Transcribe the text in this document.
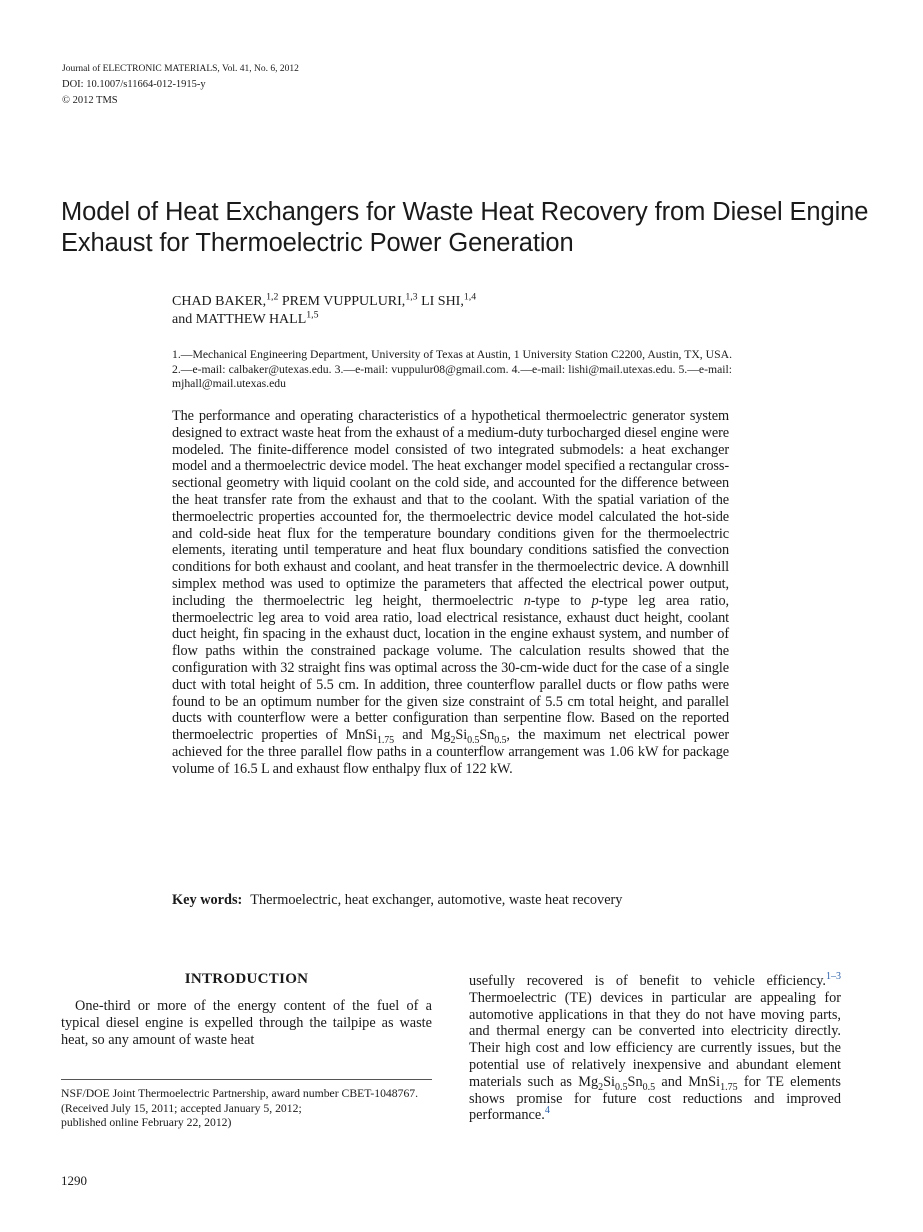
Journal of ELECTRONIC MATERIALS, Vol. 41, No. 6, 2012
DOI: 10.1007/s11664-012-1915-y
© 2012 TMS
Model of Heat Exchangers for Waste Heat Recovery from Diesel Engine Exhaust for Thermoelectric Power Generation
CHAD BAKER,$^{1,2}$ PREM VUPPULURI,$^{1,3}$ LI SHI,$^{1,4}$
and MATTHEW HALL$^{1,5}$
1.—Mechanical Engineering Department, University of Texas at Austin, 1 University Station C2200, Austin, TX, USA. 2.—e-mail: calbaker@utexas.edu. 3.—e-mail: vuppulur08@gmail.com. 4.—e-mail: lishi@mail.utexas.edu. 5.—e-mail: mjhall@mail.utexas.edu
The performance and operating characteristics of a hypothetical thermoelectric generator system designed to extract waste heat from the exhaust of a medium-duty turbocharged diesel engine were modeled. The finite-difference model consisted of two integrated submodels: a heat exchanger model and a thermoelectric device model. The heat exchanger model specified a rectangular cross-sectional geometry with liquid coolant on the cold side, and accounted for the difference between the heat transfer rate from the exhaust and that to the coolant. With the spatial variation of the thermoelectric properties accounted for, the thermoelectric device model calculated the hot-side and cold-side heat flux for the temperature boundary conditions given for the thermoelectric elements, iterating until temperature and heat flux boundary conditions satisfied the convection conditions for both exhaust and coolant, and heat transfer in the thermoelectric device. A downhill simplex method was used to optimize the parameters that affected the electrical power output, including the thermoelectric leg height, thermoelectric n-type to p-type leg area ratio, thermoelectric leg area to void area ratio, load electrical resistance, exhaust duct height, coolant duct height, fin spacing in the exhaust duct, location in the engine exhaust system, and number of flow paths within the constrained package volume. The calculation results showed that the configuration with 32 straight fins was optimal across the 30-cm-wide duct for the case of a single duct with total height of 5.5 cm. In addition, three counterflow parallel ducts or flow paths were found to be an optimum number for the given size constraint of 5.5 cm total height, and parallel ducts with counterflow were a better configuration than serpentine flow. Based on the reported thermoelectric properties of MnSi$_{1.75}$ and $Mg_2Si_{0.5}Sn_{0.5}$, the maximum net electrical power achieved for the three parallel flow paths in a counterflow arrangement was 1.06 kW for package volume of 16.5 L and exhaust flow enthalpy flux of 122 kW.
Key words: Thermoelectric, heat exchanger, automotive, waste heat recovery
INTRODUCTION

One-third or more of the energy content of the fuel of a typical diesel engine is expelled through the tailpipe as waste heat, so any amount of waste heat

NSF/DOE Joint Thermoelectric Partnership, award number CBET-1048767.
(Received July 15, 2011; accepted January 5, 2012;
published online February 22, 2012)
usefully recovered is of benefit to vehicle efficiency.$^{1-3}$ Thermoelectric (TE) devices in particular are appealing for automotive applications in that they do not have moving parts, and thermal energy can be converted into electricity directly. Their high cost and low efficiency are currently issues, but the potential use of relatively inexpensive and abundant element materials such as $Mg_2Si_{0.5}Sn_{0.5}$ and MnSi$_{1.75}$ for TE elements shows promise for future cost reductions and improved performance.$^4$
1290
